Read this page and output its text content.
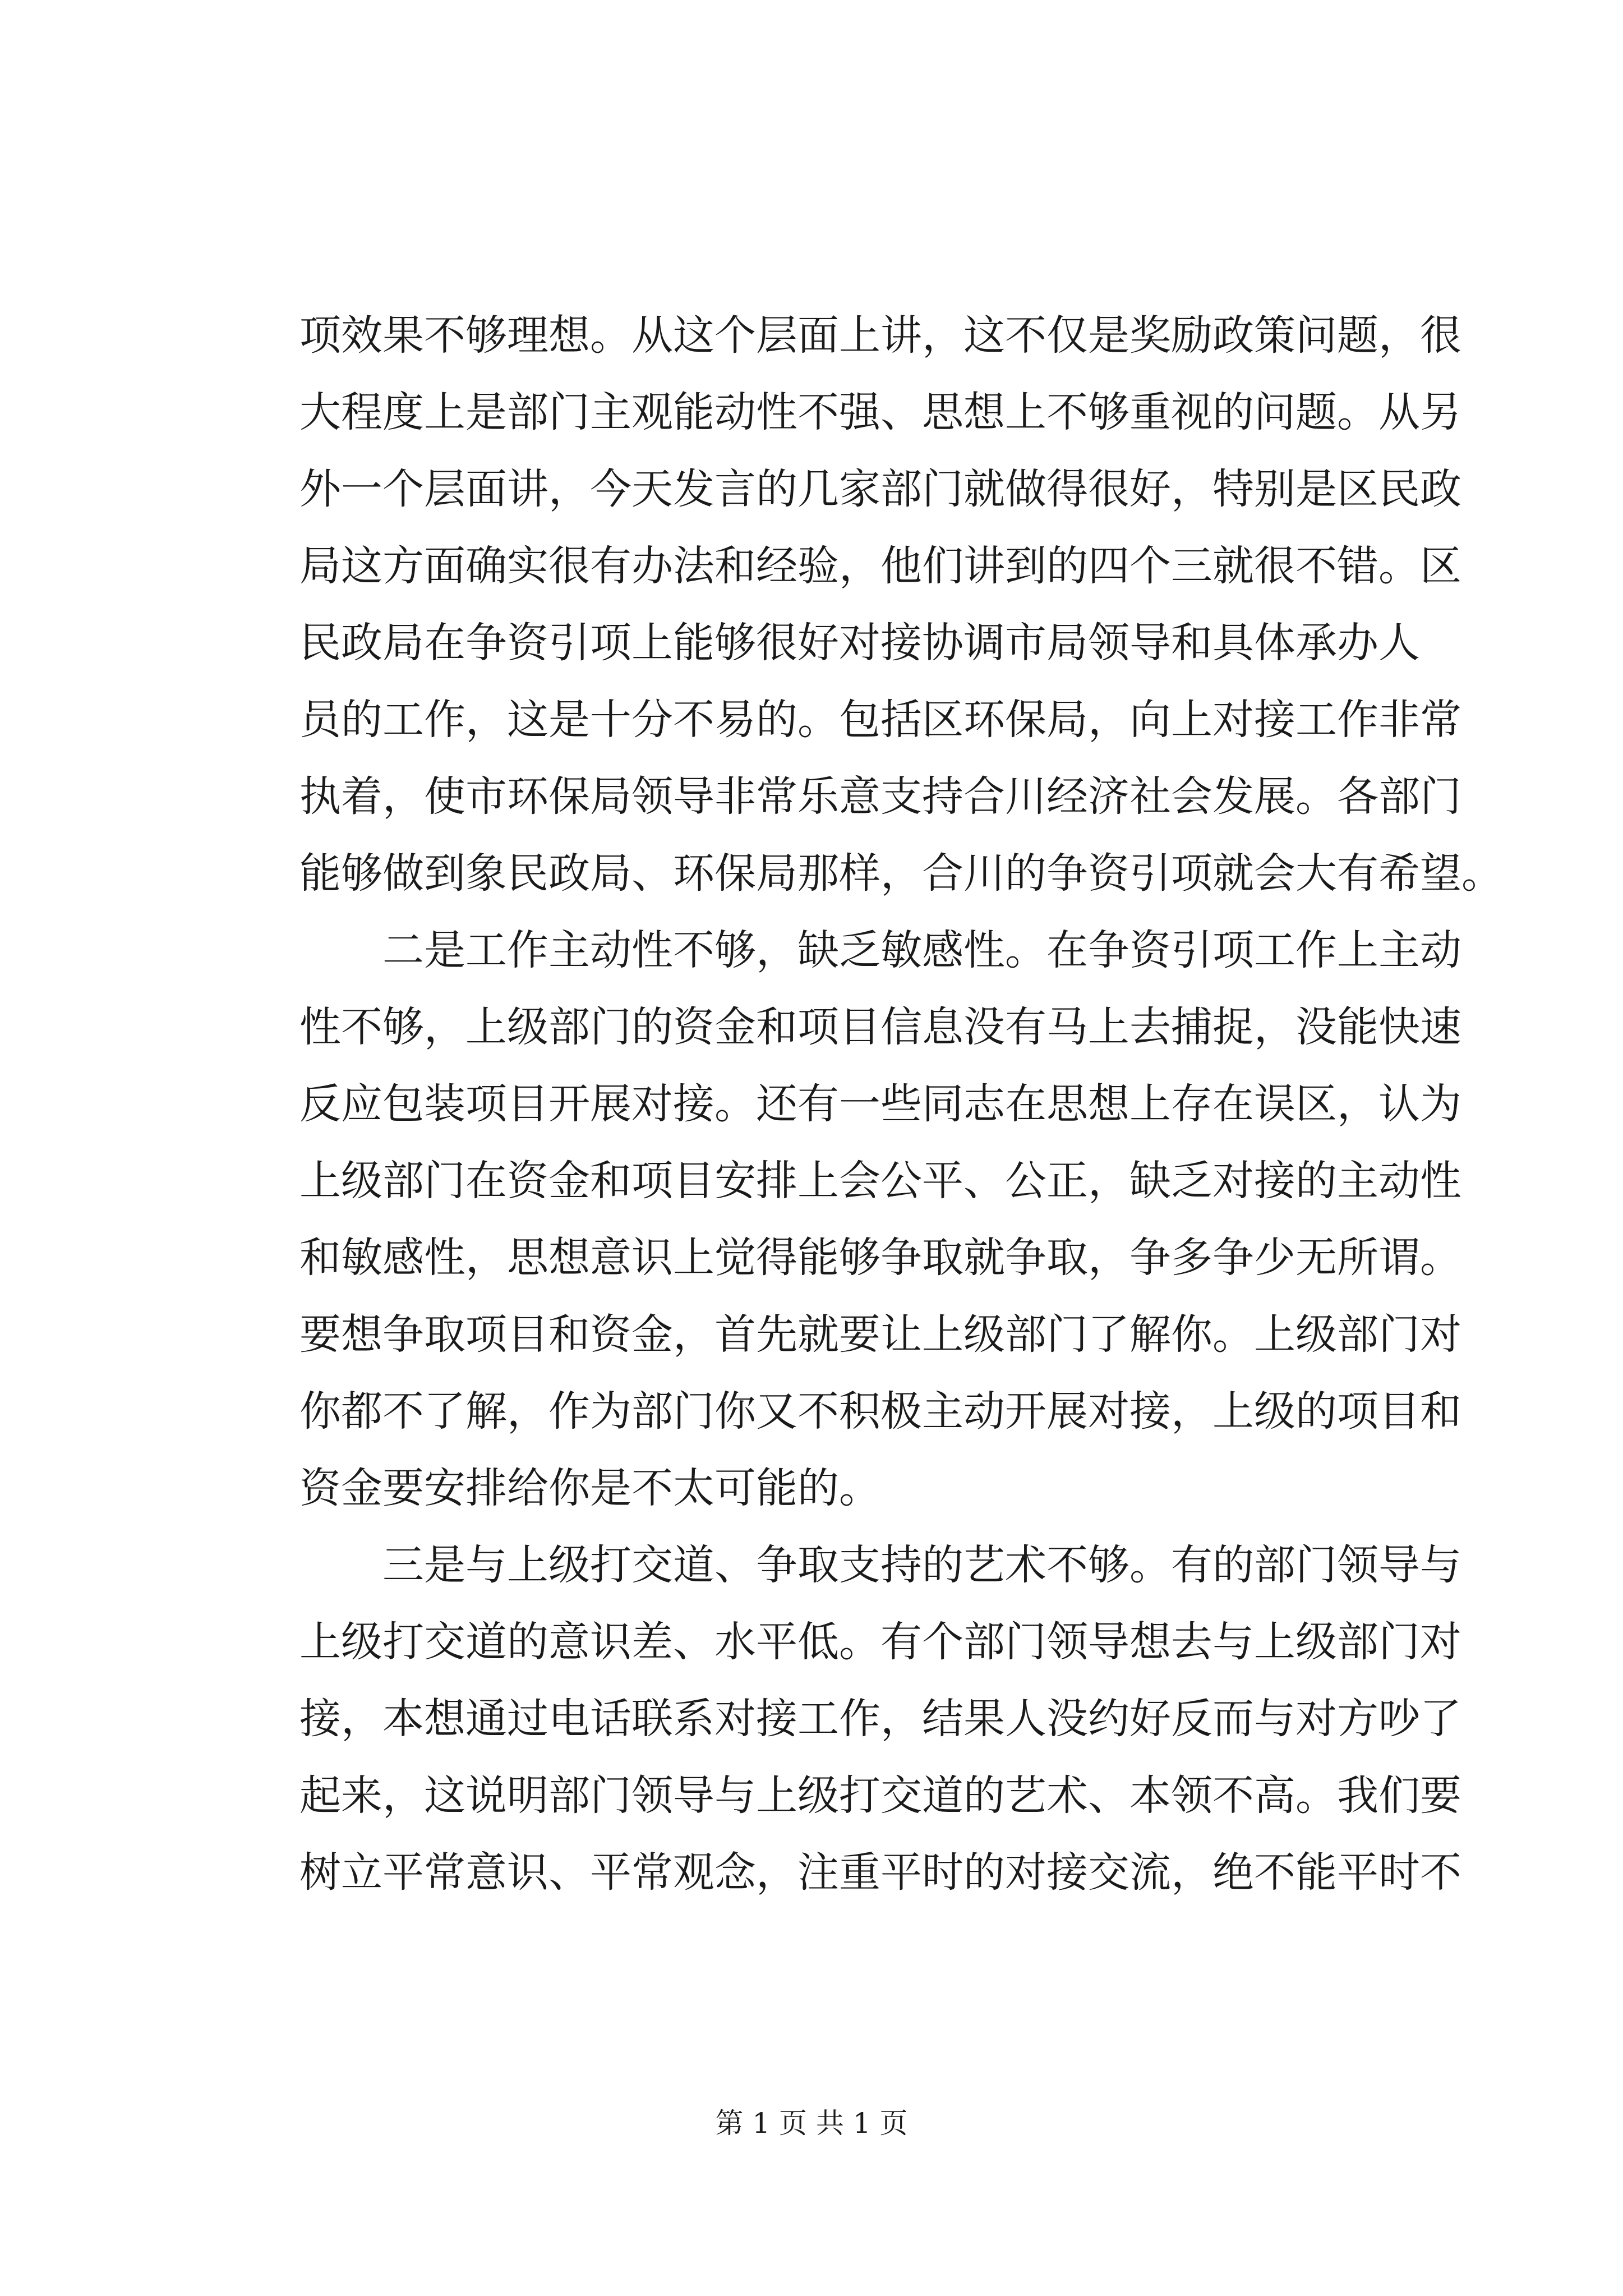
项效果不够理想。从这个层面上讲，这不仅是奖励政策问题，很
大程度上是部门主观能动性不强、思想上不够重视的问题。从另
外一个层面讲，今天发言的几家部门就做得很好，特别是区民政
局这方面确实很有办法和经验，他们讲到的四个三就很不错。区
民政局在争资引项上能够很好对接协调市局领导和具体承办人
员的工作，这是十分不易的。包括区环保局，向上对接工作非常
执着，使市环保局领导非常乐意支持合川经济社会发展。各部门
能够做到象民政局、环保局那样，合川的争资引项就会大有希望。
二是工作主动性不够，缺乏敏感性。在争资引项工作上主动
性不够，上级部门的资金和项目信息没有马上去捕捉，没能快速
反应包装项目开展对接。还有一些同志在思想上存在误区，认为
上级部门在资金和项目安排上会公平、公正，缺乏对接的主动性
和敏感性，思想意识上觉得能够争取就争取，争多争少无所谓。
要想争取项目和资金，首先就要让上级部门了解你。上级部门对
你都不了解，作为部门你又不积极主动开展对接，上级的项目和
资金要安排给你是不太可能的。
三是与上级打交道、争取支持的艺术不够。有的部门领导与
上级打交道的意识差、水平低。有个部门领导想去与上级部门对
接，本想通过电话联系对接工作，结果人没约好反而与对方吵了
起来，这说明部门领导与上级打交道的艺术、本领不高。我们要
树立平常意识、平常观念，注重平时的对接交流，绝不能平时不
第 1 页 共 1 页
